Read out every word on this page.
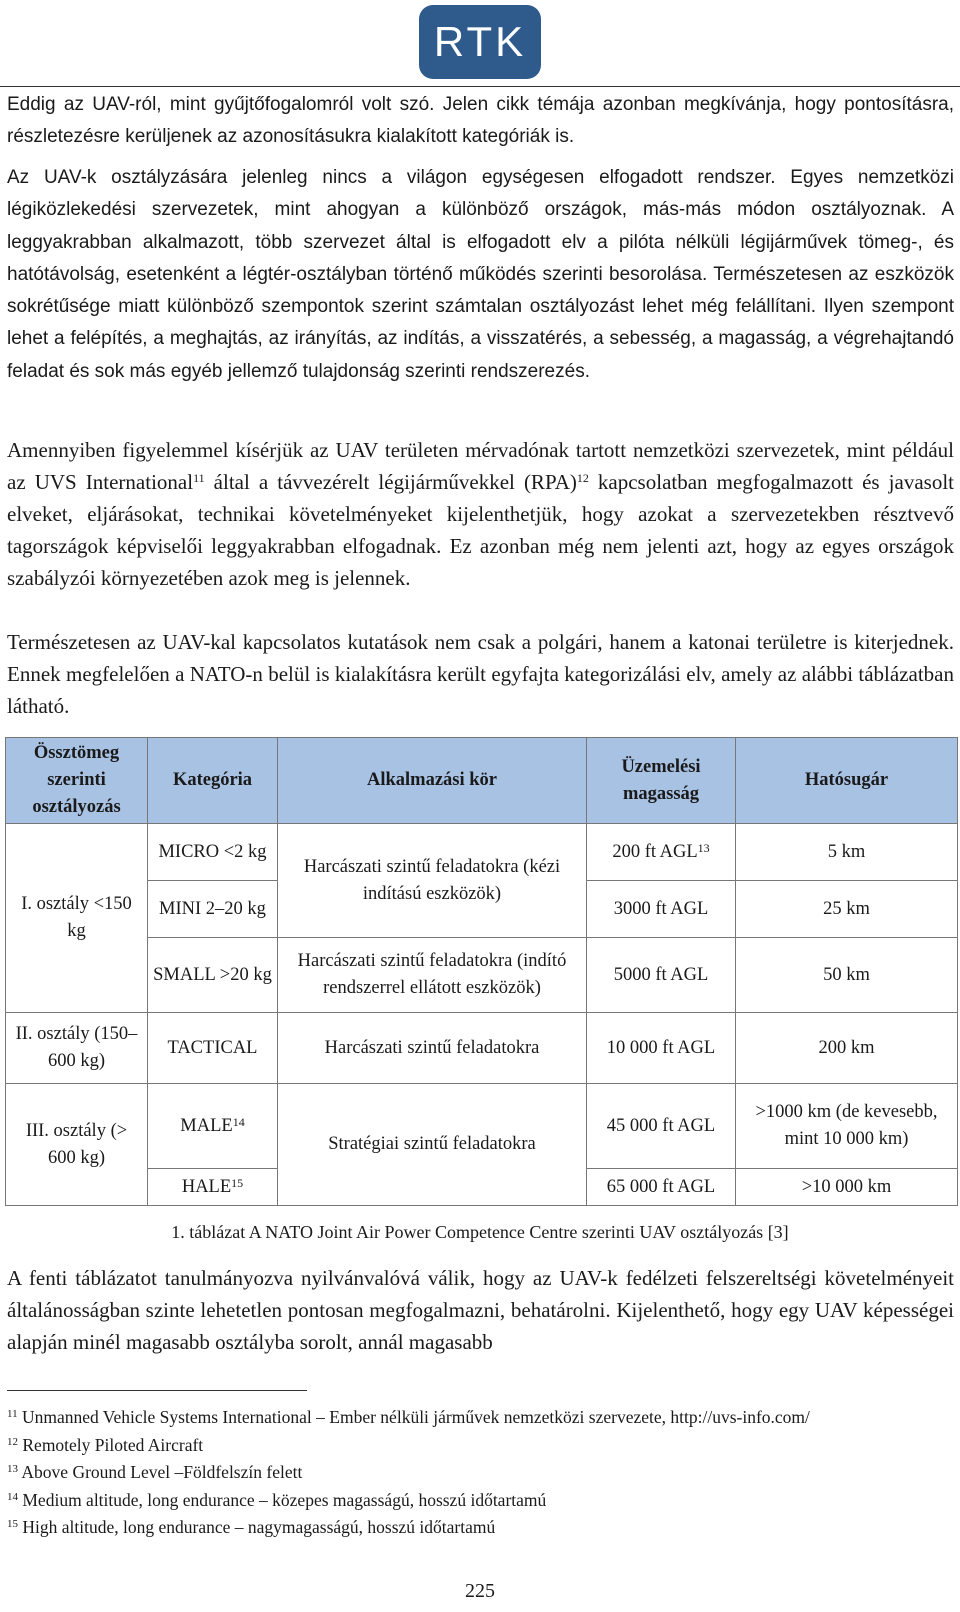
RTK

Eddig az UAV-ról, mint gyűjtőfogalomról volt szó. Jelen cikk témája azonban megkívánja, hogy pontosításra, részletezésre kerüljenek az azonosításukra kialakított kategóriák is.

Az UAV-k osztályzására jelenleg nincs a világon egységesen elfogadott rendszer. Egyes nemzetközi légiközlekedési szervezetek, mint ahogyan a különböző országok, más-más módon osztályoznak. A leggyakrabban alkalmazott, több szervezet által is elfogadott elv a pilóta nélküli légijárművek tömeg-, és hatótávolság, esetenként a légtér-osztályban történő működés szerinti besorolása. Természetesen az eszközök sokrétűsége miatt különböző szempontok szerint számtalan osztályozást lehet még felállítani. Ilyen szempont lehet a felépítés, a meghajtás, az irányítás, az indítás, a visszatérés, a sebesség, a magasság, a végrehajtandó feladat és sok más egyéb jellemző tulajdonság szerinti rendszerezés.

Amennyiben figyelemmel kísérjük az UAV területen mérvadónak tartott nemzetközi szervezetek, mint például az UVS International$^{11}$ által a távvezérelt légijárművekkel (RPA)$^{12}$ kapcsolatban megfogalmazott és javasolt elveket, eljárásokat, technikai követelményeket kijelenthetjük, hogy azokat a szervezetekben résztvevő tagországok képviselői leggyakrabban elfogadnak. Ez azonban még nem jelenti azt, hogy az egyes országok szabályzói környezetében azok meg is jelennek.

Természetesen az UAV-kal kapcsolatos kutatások nem csak a polgári, hanem a katonai területre is kiterjednek. Ennek megfelelően a NATO-n belül is kialakításra került egyfajta kategorizálási elv, amely az alábbi táblázatban látható.

Össztömeg szerinti osztályozás	Kategória	Alkalmazási kör	Üzemelési magasság	Hatósugár
I. osztály <150 kg	MICRO <2 kg	Harcászati szintű feladatokra (kézi indítású eszközök)	200 ft AGL$^{13}$	5 km
	MINI 2–20 kg		3000 ft AGL	25 km
	SMALL >20 kg	Harcászati szintű feladatokra (indító rendszerrel ellátott eszközök)	5000 ft AGL	50 km
II. osztály (150–600 kg)	TACTICAL	Harcászati szintű feladatokra	10 000 ft AGL	200 km
III. osztály (> 600 kg)	MALE$^{14}$	Stratégiai szintű feladatokra	45 000 ft AGL	>1000 km (de kevesebb, mint 10 000 km)
	HALE$^{15}$		65 000 ft AGL	>10 000 km
1. táblázat A NATO Joint Air Power Competence Centre szerinti UAV osztályozás [3]

A fenti táblázatot tanulmányozva nyilvánvalóvá válik, hogy az UAV-k fedélzeti felszereltségi követelményeit általánosságban szinte lehetetlen pontosan megfogalmazni, behatárolni. Kijelenthető, hogy egy UAV képességei alapján minél magasabb osztályba sorolt, annál magasabb

$^{11}$ Unmanned Vehicle Systems International – Ember nélküli járművek nemzetközi szervezete, http://uvs-info.com/
$^{12}$ Remotely Piloted Aircraft
$^{13}$ Above Ground Level –Földfelszín felett
$^{14}$ Medium altitude, long endurance – közepes magasságú, hosszú időtartamú
$^{15}$ High altitude, long endurance – nagymagasságú, hosszú időtartamú
225
